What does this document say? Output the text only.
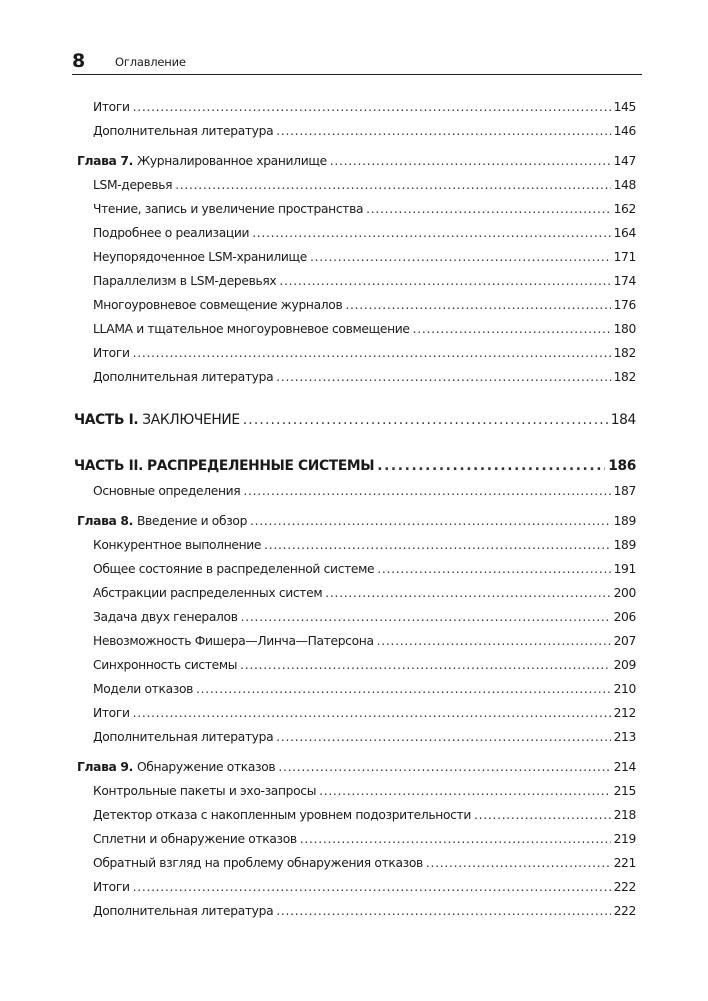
8	Оглавление
Итоги . . .	145
Дополнительная литература . . .	146
Глава 7. Журналированное хранилище . . .	147
LSM-деревья . . .	148
Чтение, запись и увеличение пространства . . .	162
Подробнее о реализации . . .	164
Неупорядоченное LSM-хранилище . . .	171
Параллелизм в LSM-деревьях . . .	174
Многоуровневое совмещение журналов . . .	176
LLAMA и тщательное многоуровневое совмещение . . .	180
Итоги . . .	182
Дополнительная литература . . .	182
ЧАСТЬ I. ЗАКЛЮЧЕНИЕ . . .	184
ЧАСТЬ II. РАСПРЕДЕЛЕННЫЕ СИСТЕМЫ . . .	186
Основные определения . . .	187
Глава 8. Введение и обзор . . .	189
Конкурентное выполнение . . .	189
Общее состояние в распределенной системе . . .	191
Абстракции распределенных систем . . .	200
Задача двух генералов . . .	206
Невозможность Фишера—Линча—Патерсона . . .	207
Синхронность системы . . .	209
Модели отказов . . .	210
Итоги . . .	212
Дополнительная литература . . .	213
Глава 9. Обнаружение отказов . . .	214
Контрольные пакеты и эхо-запросы . . .	215
Детектор отказа с накопленным уровнем подозрительности . . .	218
Сплетни и обнаружение отказов . . .	219
Обратный взгляд на проблему обнаружения отказов . . .	221
Итоги . . .	222
Дополнительная литература . . .	222
